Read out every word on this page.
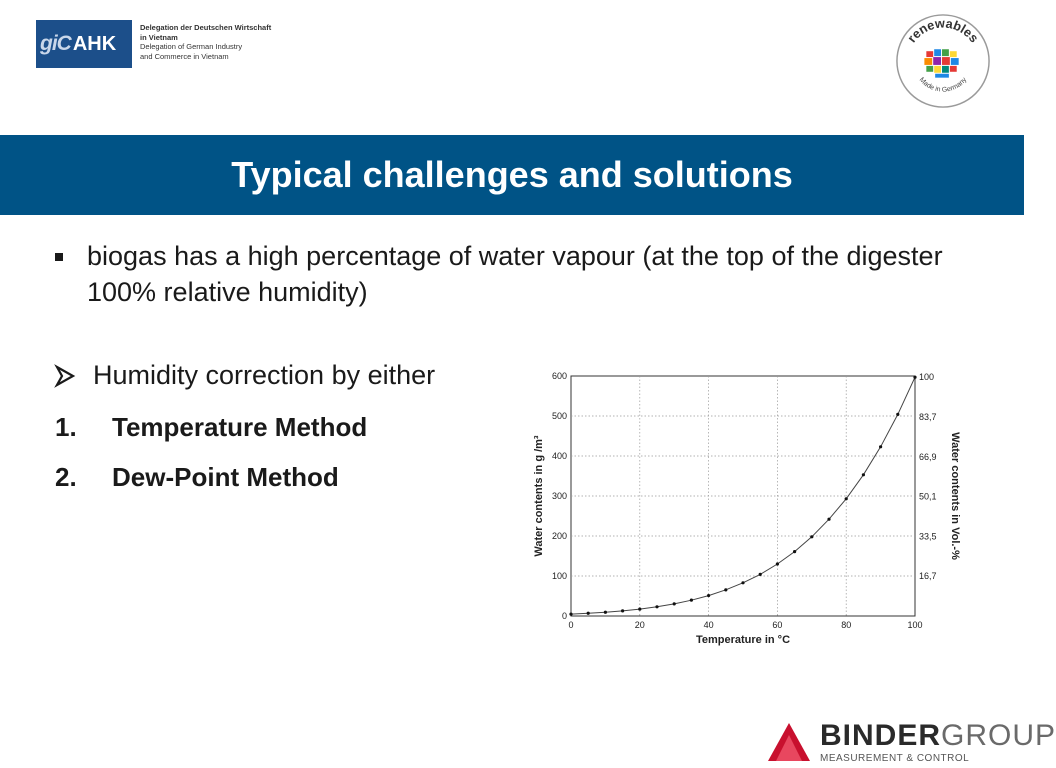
giC AHK
Delegation der Deutschen Wirtschaft
in Vietnam
Delegation of German Industry
and Commerce in Vietnam
renewables
Made in Germany
Typical challenges and solutions
biogas has a high percentage of water vapour (at the top of the digester 100% relative humidity)
Humidity correction by either
1.	Temperature Method
2.	Dew-Point Method
0	20	40	60	80	100
0
100
200
300
400
500
600
16,7
33,5
50,1
66,9
83,7
100
Temperature in °C
Water contents in g /m³	Water contents in Vol.-%
BINDERGROUP
MEASUREMENT & CONTROL
